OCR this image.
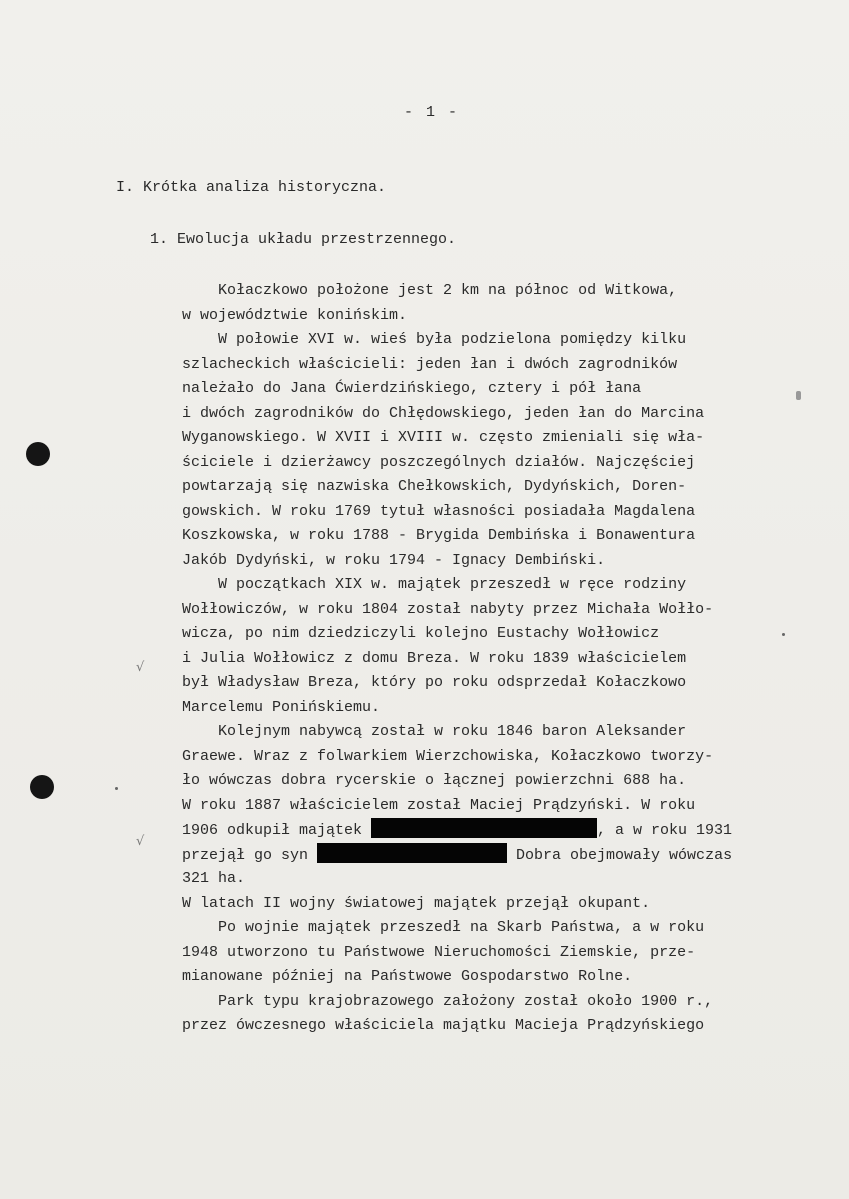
- 1 -
I. Krótka analiza historyczna.
1. Ewolucja układu przestrzennego.
Kołaczkowo położone jest 2 km na północ od Witkowa,
w województwie konińskim.
W połowie XVI w. wieś była podzielona pomiędzy kilku
szlacheckich właścicieli: jeden łan i dwóch zagrodników
należało do Jana Ćwierdzińskiego, cztery i pół łana
i dwóch zagrodników do Chłędowskiego, jeden łan do Marcina
Wyganowskiego. W XVII i XVIII w. często zmieniali się wła-
ściciele i dzierżawcy poszczególnych działów. Najczęściej
powtarzają się nazwiska Chełkowskich, Dydyńskich, Doren-
gowskich. W roku 1769 tytuł własności posiadała Magdalena
Koszkowska, w roku 1788 - Brygida Dembińska i Bonawentura
Jakób Dydyński, w roku 1794 - Ignacy Dembiński.
W początkach XIX w. majątek przeszedł w ręce rodziny
Wołłowiczów, w roku 1804 został nabyty przez Michała Wołło-
wicza, po nim dziedziczyli kolejno Eustachy Wołłowicz
i Julia Wołłowicz z domu Breza. W roku 1839 właścicielem
był Władysław Breza, który po roku odsprzedał Kołaczkowo
Marcelemu Ponińskiemu.
Kolejnym nabywcą został w roku 1846 baron Aleksander
Graewe. Wraz z folwarkiem Wierzchowiska, Kołaczkowo tworzy-
ło wówczas dobra rycerskie o łącznej powierzchni 688 ha.
W roku 1887 właścicielem został Maciej Prądzyński. W roku
1906 odkupił majątek	, a w roku 1931
przejął go syn	Dobra obejmowały wówczas
321 ha.
W latach II wojny światowej majątek przejął okupant.
Po wojnie majątek przeszedł na Skarb Państwa, a w roku
1948 utworzono tu Państwowe Nieruchomości Ziemskie, prze-
mianowane później na Państwowe Gospodarstwo Rolne.
Park typu krajobrazowego założony został około 1900 r.,
przez ówczesnego właściciela majątku Macieja Prądzyńskiego
√
√
